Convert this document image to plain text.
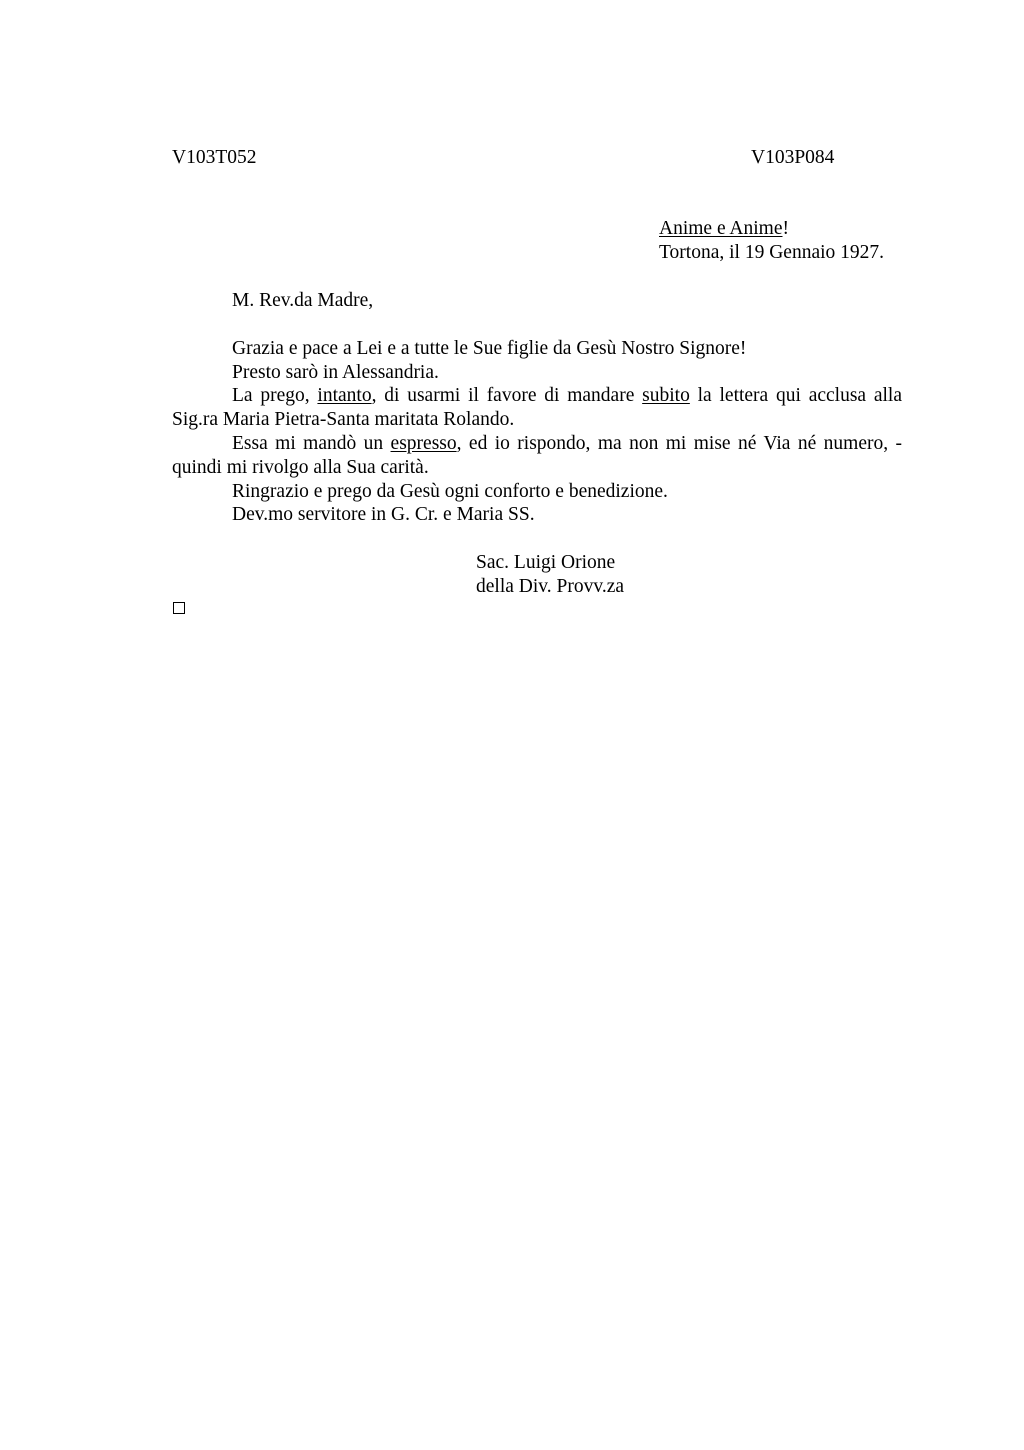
V103T052	V103P084
Anime e Anime!
Tortona, il 19 Gennaio 1927.
M. Rev.da Madre,

Grazia e pace a Lei e a tutte le Sue figlie da Gesù Nostro Signore!

Presto sarò in Alessandria.

La prego, intanto, di usarmi il favore di mandare subito la lettera qui acclusa alla Sig.ra Maria Pietra-Santa maritata Rolando.

Essa mi mandò un espresso, ed io rispondo, ma non mi mise né Via né numero, - quindi mi rivolgo alla Sua carità.

Ringrazio e prego da Gesù ogni conforto e benedizione.

Dev.mo servitore in G. Cr. e Maria SS.

Sac. Luigi Orione
della Div. Provv.za
